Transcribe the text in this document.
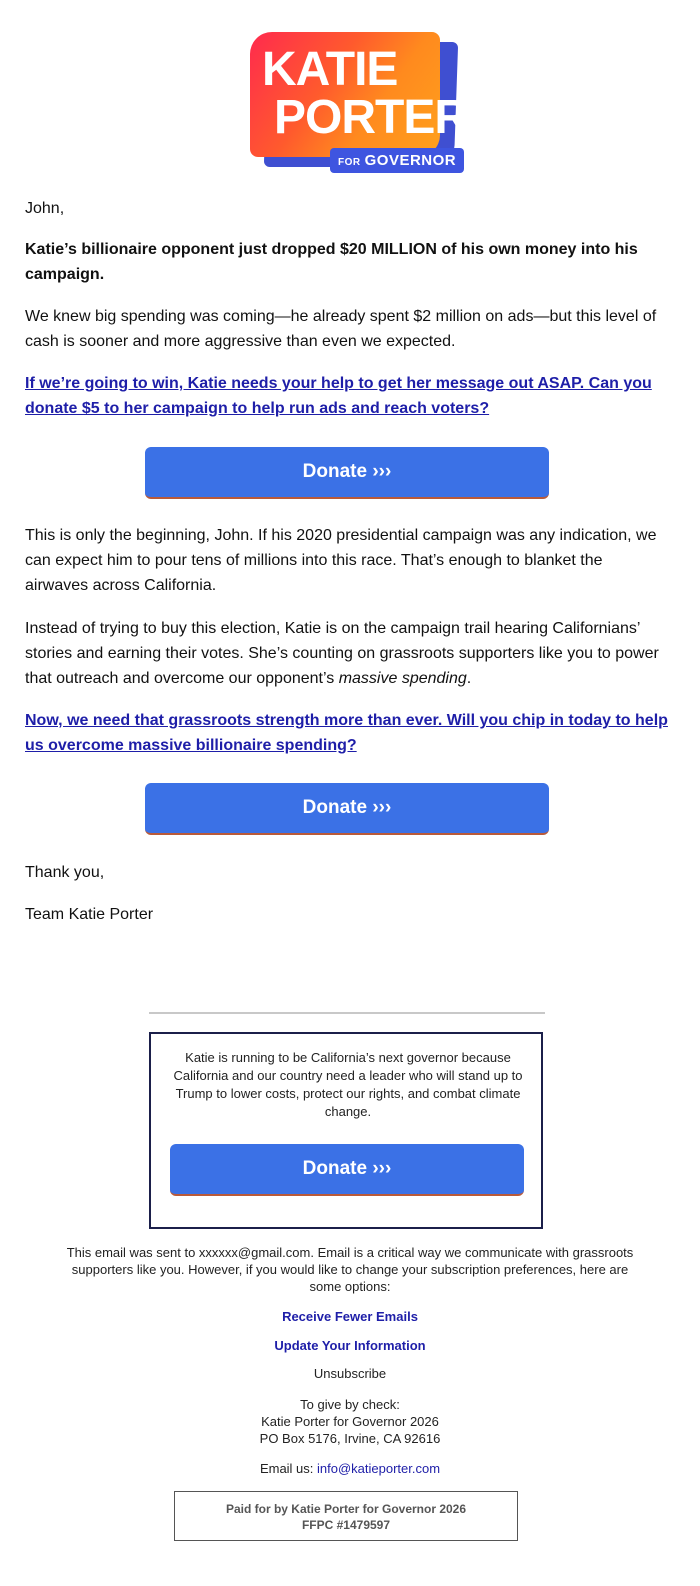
KATIE
PORTER
FOR GOVERNOR
John,
Katie’s billionaire opponent just dropped $20 MILLION of his own money into his campaign.
We knew big spending was coming—he already spent $2 million on ads—but this level of cash is sooner and more aggressive than even we expected.
If we’re going to win, Katie needs your help to get her message out ASAP. Can you donate $5 to her campaign to help run ads and reach voters?
Donate ›››
This is only the beginning, John. If his 2020 presidential campaign was any indication, we can expect him to pour tens of millions into this race. That’s enough to blanket the airwaves across California.
Instead of trying to buy this election, Katie is on the campaign trail hearing Californians’ stories and earning their votes. She’s counting on grassroots supporters like you to power that outreach and overcome our opponent’s massive spending.
Now, we need that grassroots strength more than ever. Will you chip in today to help us overcome massive billionaire spending?
Donate ›››
Thank you,
Team Katie Porter
Katie is running to be California’s next governor because California and our country need a leader who will stand up to Trump to lower costs, protect our rights, and combat climate change.
Donate ›››
This email was sent to xxxxxx@gmail.com. Email is a critical way we communicate with grassroots supporters like you. However, if you would like to change your subscription preferences, here are some options:
Receive Fewer Emails
Update Your Information
Unsubscribe
To give by check:
Katie Porter for Governor 2026
PO Box 5176, Irvine, CA 92616
Email us: info@katieporter.com
Paid for by Katie Porter for Governor 2026
FFPC #1479597
